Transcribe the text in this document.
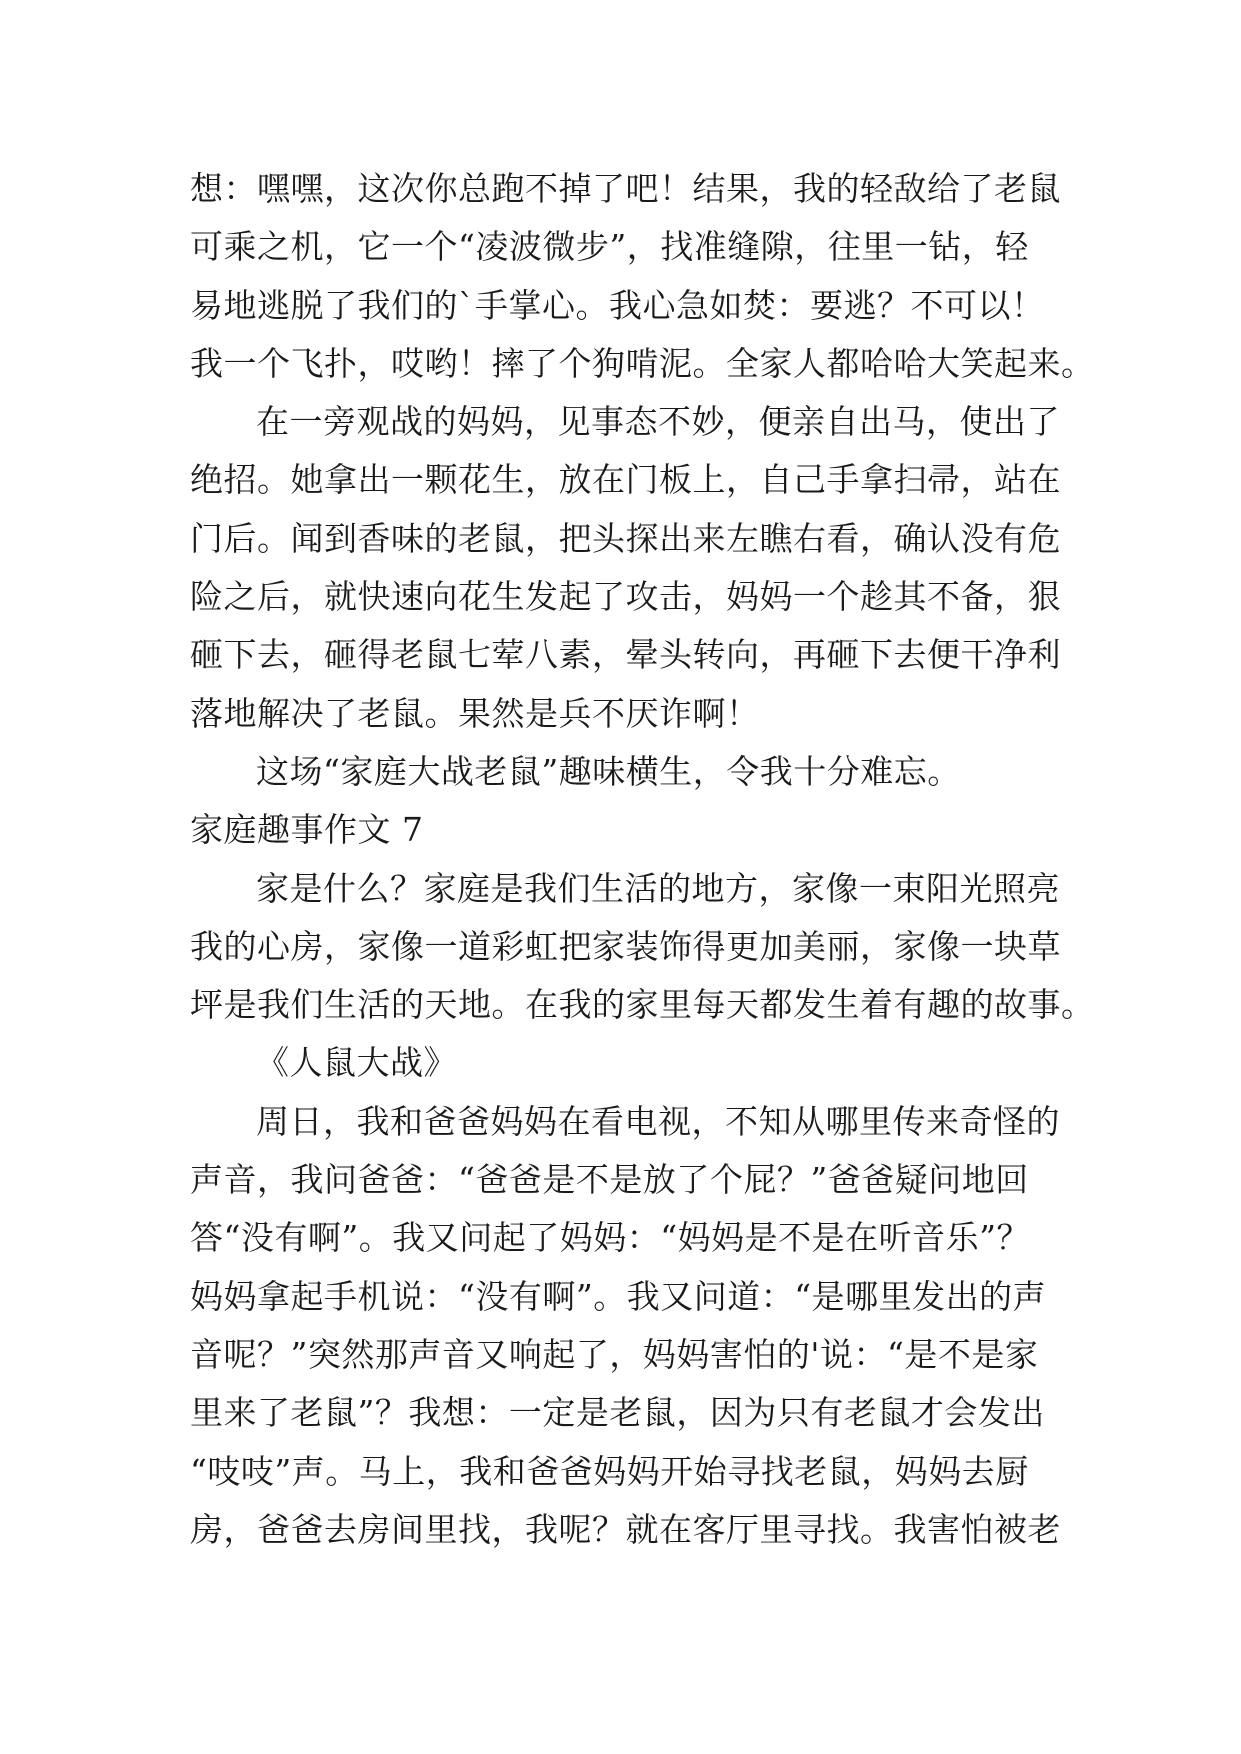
想：嘿嘿，这次你总跑不掉了吧！结果，我的轻敌给了老鼠
可乘之机，它一个“凌波微步”，找准缝隙，往里一钻，轻
易地逃脱了我们的`手掌心。我心急如焚：要逃？不可以！
我一个飞扑，哎哟！摔了个狗啃泥。全家人都哈哈大笑起来。
在一旁观战的妈妈，见事态不妙，便亲自出马，使出了
绝招。她拿出一颗花生，放在门板上，自己手拿扫帚，站在
门后。闻到香味的老鼠，把头探出来左瞧右看，确认没有危
险之后，就快速向花生发起了攻击，妈妈一个趁其不备，狠
砸下去，砸得老鼠七荤八素，晕头转向，再砸下去便干净利
落地解决了老鼠。果然是兵不厌诈啊！
这场“家庭大战老鼠”趣味横生，令我十分难忘。
家庭趣事作文 7
家是什么？家庭是我们生活的地方，家像一束阳光照亮
我的心房，家像一道彩虹把家装饰得更加美丽，家像一块草
坪是我们生活的天地。在我的家里每天都发生着有趣的故事。
《人鼠大战》
周日，我和爸爸妈妈在看电视，不知从哪里传来奇怪的
声音，我问爸爸：“爸爸是不是放了个屁？”爸爸疑问地回
答“没有啊”。我又问起了妈妈：“妈妈是不是在听音乐”？
妈妈拿起手机说：“没有啊”。我又问道：“是哪里发出的声
音呢？”突然那声音又响起了，妈妈害怕的'说：“是不是家
里来了老鼠”？我想：一定是老鼠，因为只有老鼠才会发出
“吱吱”声。马上，我和爸爸妈妈开始寻找老鼠，妈妈去厨
房，爸爸去房间里找，我呢？就在客厅里寻找。我害怕被老
